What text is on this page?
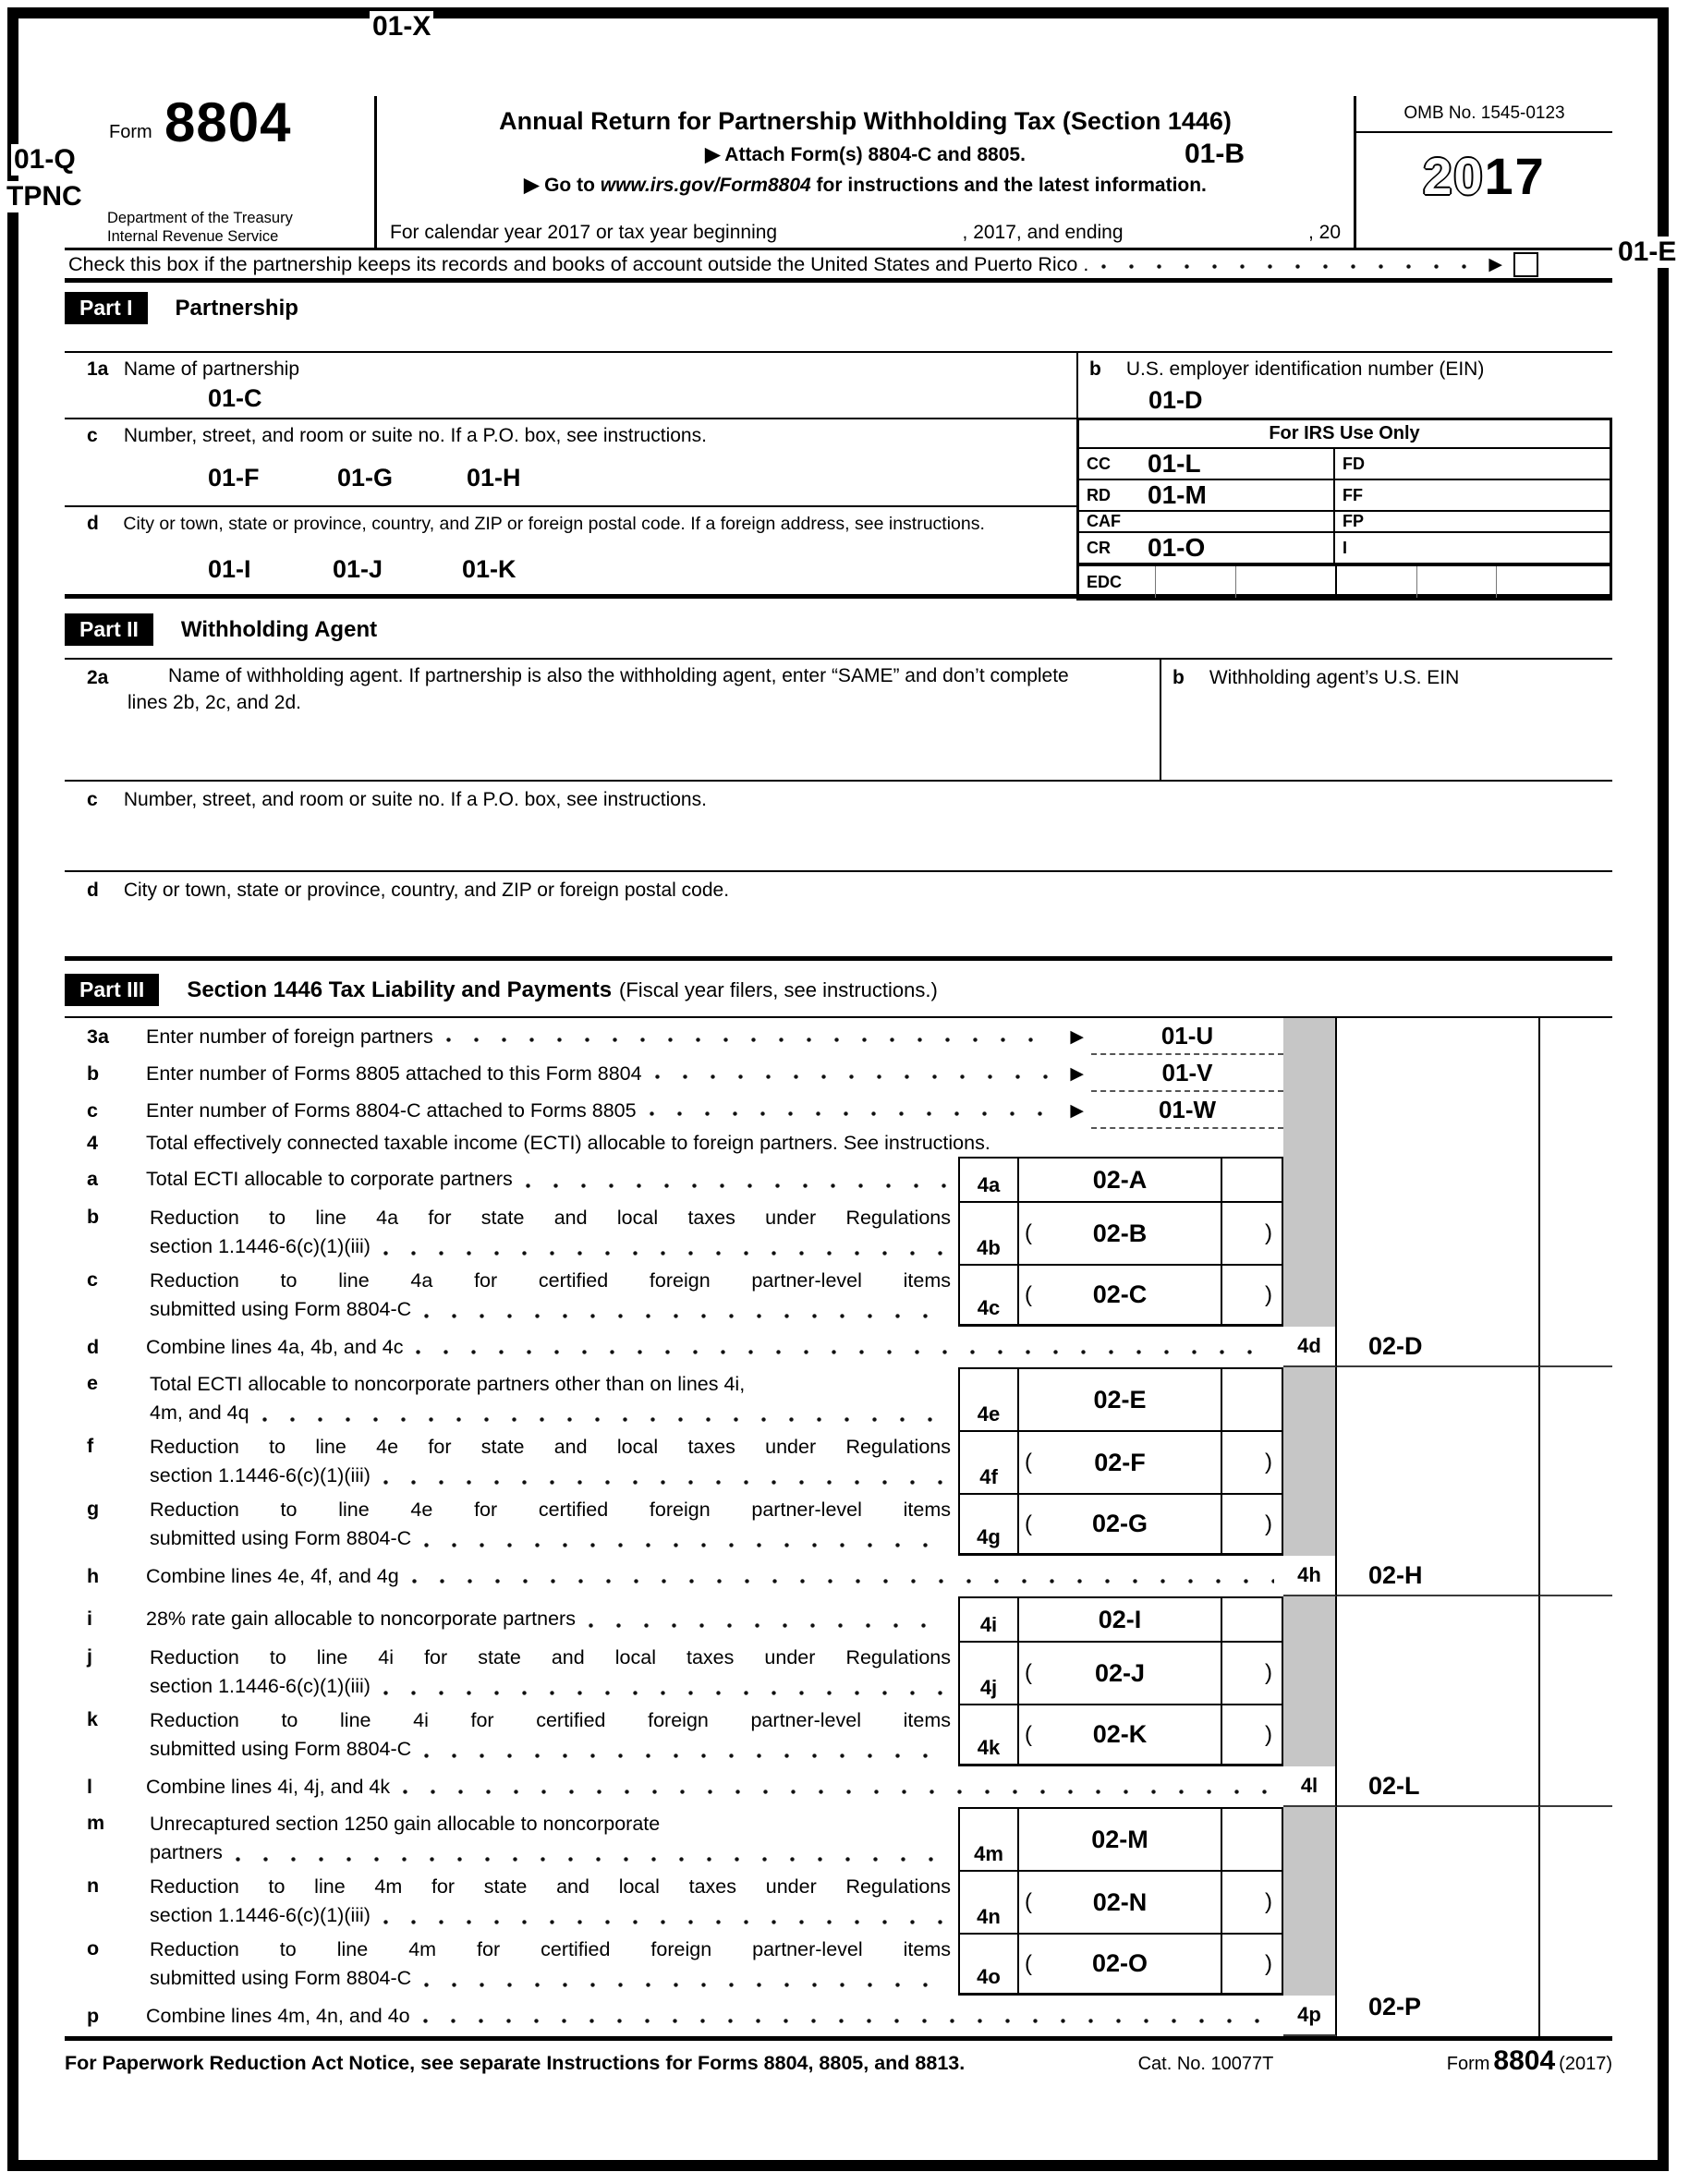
01-X
01-Q
TPNC
01-E
Form 8804
Department of the Treasury
Internal Revenue Service
Annual Return for Partnership Withholding Tax (Section 1446)
▶ Attach Form(s) 8804-C and 8805.	01-B
▶ Go to www.irs.gov/Form8804 for instructions and the latest information.
For calendar year 2017 or tax year beginning	, 2017, and ending	, 20
OMB No. 1545-0123
2017
Check this box if the partnership keeps its records and books of account outside the United States and Puerto Rico .	▶
Part I	Partnership
1a Name of partnership
01-C
c Number, street, and room or suite no. If a P.O. box, see instructions.
01-F	01-G	01-H
d City or town, state or province, country, and ZIP or foreign postal code. If a foreign address, see instructions.
01-I	01-J	01-K
b U.S. employer identification number (EIN)
01-D
For IRS Use Only
CC	01-L	FD
RD	01-M	FF
CAF	FP
CR	01-O	I
EDC
Part II	Withholding Agent
2a	Name of withholding agent. If partnership is also the withholding agent, enter “SAME” and don’t complete lines 2b, 2c, and 2d.
b Withholding agent’s U.S. EIN
c Number, street, and room or suite no. If a P.O. box, see instructions.
d City or town, state or province, country, and ZIP or foreign postal code.
Part III	Section 1446 Tax Liability and Payments (Fiscal year filers, see instructions.)
3a	Enter number of foreign partners	▶	01-U
b	Enter number of Forms 8805 attached to this Form 8804	▶	01-V
c	Enter number of Forms 8804-C attached to Forms 8805	▶	01-W
4	Total effectively connected taxable income (ECTI) allocable to foreign partners. See instructions.
a	Total ECTI allocable to corporate partners	4a	02-A
b	Reduction to line 4a for state and local taxes under Regulations
section 1.1446-6(c)(1)(iii)	4b
( 02-B	)
c	Reduction to line 4a for certified foreign partner-level items
submitted using Form 8804-C	4c
( 02-C	)
d	Combine lines 4a, 4b, and 4c	4d 02-D
e	Total ECTI allocable to noncorporate partners other than on lines 4i,
4m, and 4q	4e
02-E
f	Reduction to line 4e for state and local taxes under Regulations
section 1.1446-6(c)(1)(iii)	4f
( 02-F	)
g	Reduction to line 4e for certified foreign partner-level items
submitted using Form 8804-C	4g
( 02-G	)
h	Combine lines 4e, 4f, and 4g	4h 02-H
i	28% rate gain allocable to noncorporate partners	4i	02-I
j	Reduction to line 4i for state and local taxes under Regulations
section 1.1446-6(c)(1)(iii)	4j
(	02-J	)
k	Reduction to line 4i for certified foreign partner-level items
submitted using Form 8804-C	4k
( 02-K	)
l	Combine lines 4i, 4j, and 4k	4l 02-L
m	Unrecaptured section 1250 gain allocable to noncorporate
partners	4m
02-M
n	Reduction to line 4m for state and local taxes under Regulations
section 1.1446-6(c)(1)(iii)	4n
( 02-N	)
o	Reduction to line 4m for certified foreign partner-level items
submitted using Form 8804-C	4o
( 02-O	)
p	Combine lines 4m, 4n, and 4o	4p 02-P
For Paperwork Reduction Act Notice, see separate Instructions for Forms 8804, 8805, and 8813.	Cat. No. 10077T	Form 8804 (2017)
